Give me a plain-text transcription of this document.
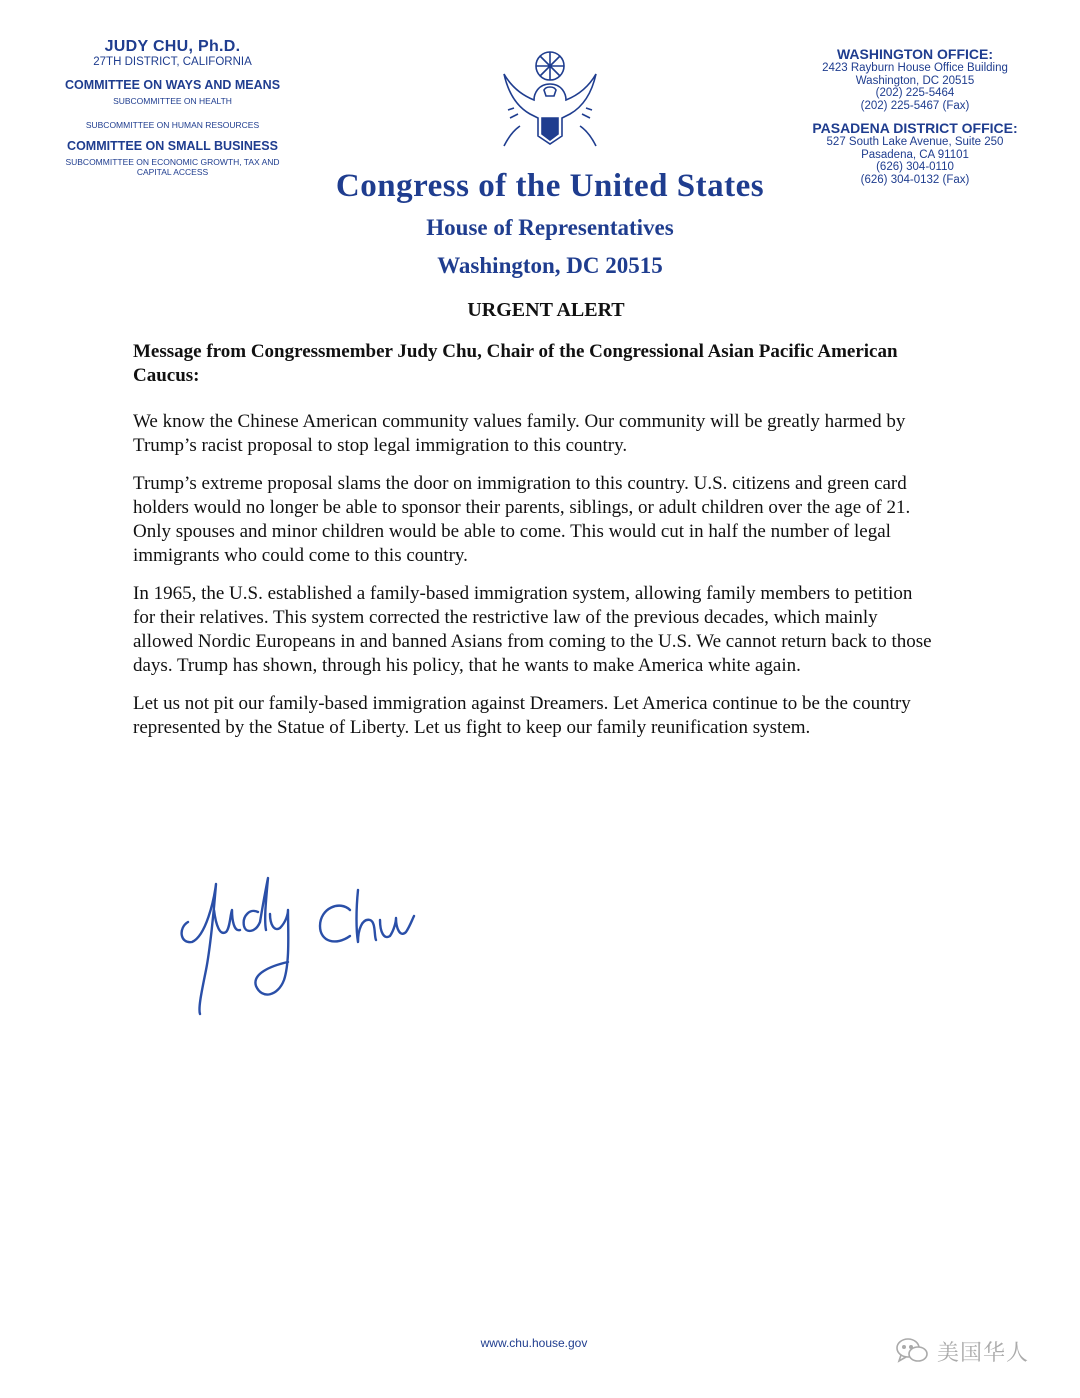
JUDY CHU, Ph.D.
27TH DISTRICT, CALIFORNIA
COMMITTEE ON WAYS AND MEANS
SUBCOMMITTEE ON HEALTH
SUBCOMMITTEE ON HUMAN RESOURCES
COMMITTEE ON SMALL BUSINESS
SUBCOMMITTEE ON ECONOMIC GROWTH, TAX AND CAPITAL ACCESS	Congress of the United States
House of Representatives
Washington, DC 20515
WASHINGTON OFFICE:
2423 Rayburn House Office Building
Washington, DC 20515
(202) 225-5464
(202) 225-5467 (Fax)
PASADENA DISTRICT OFFICE:
527 South Lake Avenue, Suite 250
Pasadena, CA 91101
(626) 304-0110
(626) 304-0132 (Fax)
URGENT ALERT

Message from Congressmember Judy Chu, Chair of the Congressional Asian Pacific American Caucus:

We know the Chinese American community values family. Our community will be greatly harmed by Trump’s racist proposal to stop legal immigration to this country.

Trump’s extreme proposal slams the door on immigration to this country. U.S. citizens and green card holders would no longer be able to sponsor their parents, siblings, or adult children over the age of 21. Only spouses and minor children would be able to come. This would cut in half the number of legal immigrants who could come to this country.

In 1965, the U.S. established a family-based immigration system, allowing family members to petition for their relatives. This system corrected the restrictive law of the previous decades, which mainly allowed Nordic Europeans in and banned Asians from coming to the U.S. We cannot return back to those days. Trump has shown, through his policy, that he wants to make America white again.

Let us not pit our family-based immigration against Dreamers. Let America continue to be the country represented by the Statue of Liberty. Let us fight to keep our family reunification system.

www.chu.house.gov	美国华人
